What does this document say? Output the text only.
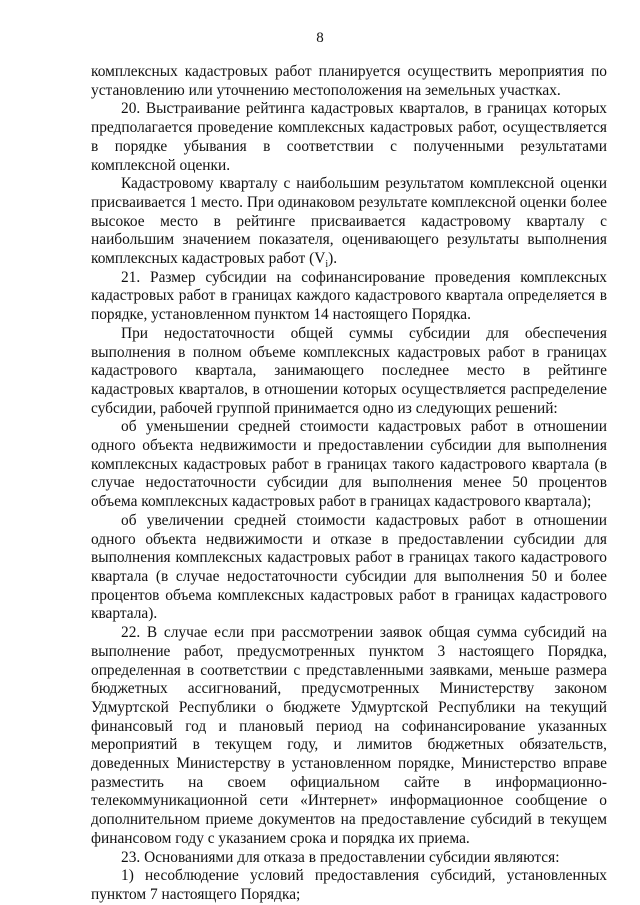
8

комплексных кадастровых работ планируется осуществить мероприятия по установлению или уточнению местоположения на земельных участках.

20. Выстраивание рейтинга кадастровых кварталов, в границах которых предполагается проведение комплексных кадастровых работ, осуществляется в порядке убывания в соответствии с полученными результатами комплексной оценки.

Кадастровому кварталу с наибольшим результатом комплексной оценки присваивается 1 место. При одинаковом результате комплексной оценки более высокое место в рейтинге присваивается кадастровому кварталу с наибольшим значением показателя, оценивающего результаты выполнения комплексных кадастровых работ $(V_i)$.

21. Размер субсидии на софинансирование проведения комплексных кадастровых работ в границах каждого кадастрового квартала определяется в порядке, установленном пунктом 14 настоящего Порядка.

При недостаточности общей суммы субсидии для обеспечения выполнения в полном объеме комплексных кадастровых работ в границах кадастрового квартала, занимающего последнее место в рейтинге кадастровых кварталов, в отношении которых осуществляется распределение субсидии, рабочей группой принимается одно из следующих решений:

об уменьшении средней стоимости кадастровых работ в отношении одного объекта недвижимости и предоставлении субсидии для выполнения комплексных кадастровых работ в границах такого кадастрового квартала (в случае недостаточности субсидии для выполнения менее 50 процентов объема комплексных кадастровых работ в границах кадастрового квартала);

об увеличении средней стоимости кадастровых работ в отношении одного объекта недвижимости и отказе в предоставлении субсидии для выполнения комплексных кадастровых работ в границах такого кадастрового квартала (в случае недостаточности субсидии для выполнения 50 и более процентов объема комплексных кадастровых работ в границах кадастрового квартала).

22. В случае если при рассмотрении заявок общая сумма субсидий на выполнение работ, предусмотренных пунктом 3 настоящего Порядка, определенная в соответствии с представленными заявками, меньше размера бюджетных ассигнований, предусмотренных Министерству законом Удмуртской Республики о бюджете Удмуртской Республики на текущий финансовый год и плановый период на софинансирование указанных мероприятий в текущем году, и лимитов бюджетных обязательств, доведенных Министерству в установленном порядке, Министерство вправе разместить на своем официальном сайте в информационно-телекоммуникационной сети «Интернет» информационное сообщение о дополнительном приеме документов на предоставление субсидий в текущем финансовом году с указанием срока и порядка их приема.

23. Основаниями для отказа в предоставлении субсидии являются:

1) несоблюдение условий предоставления субсидий, установленных пунктом 7 настоящего Порядка;
